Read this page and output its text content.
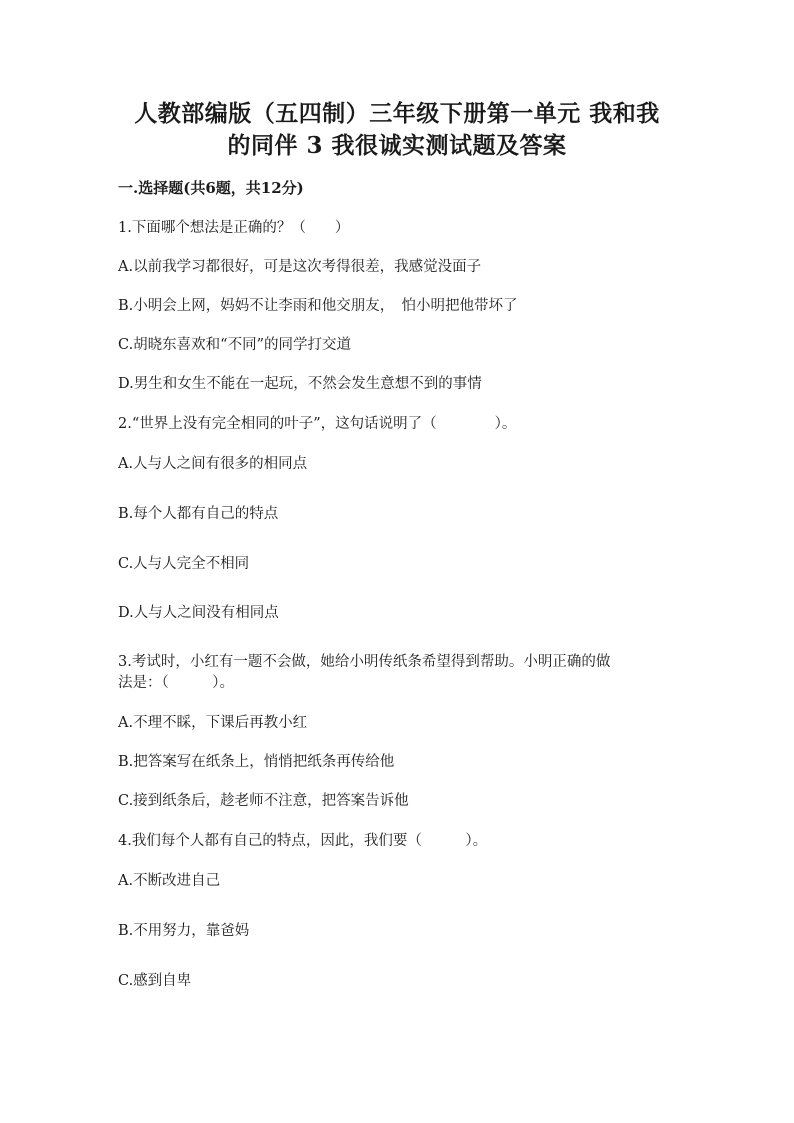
人教部编版（五四制）三年级下册第一单元 我和我
的同伴 3 我很诚实测试题及答案
一.选择题(共6题，共12分)
1.下面哪个想法是正确的？（　　）
A.以前我学习都很好，可是这次考得很差，我感觉没面子
B.小明会上网，妈妈不让李雨和他交朋友，　怕小明把他带坏了
C.胡晓东喜欢和“不同”的同学打交道
D.男生和女生不能在一起玩，不然会发生意想不到的事情
2.“世界上没有完全相同的叶子”，这句话说明了（　　　　）。
A.人与人之间有很多的相同点
B.每个人都有自己的特点
C.人与人完全不相同
D.人与人之间没有相同点
3.考试时，小红有一题不会做，她给小明传纸条希望得到帮助。小明正确的做
法是：（　　　）。
A.不理不睬，下课后再教小红
B.把答案写在纸条上，悄悄把纸条再传给他
C.接到纸条后，趁老师不注意，把答案告诉他
4.我们每个人都有自己的特点，因此，我们要（　　　）。
A.不断改进自己
B.不用努力，靠爸妈
C.感到自卑
